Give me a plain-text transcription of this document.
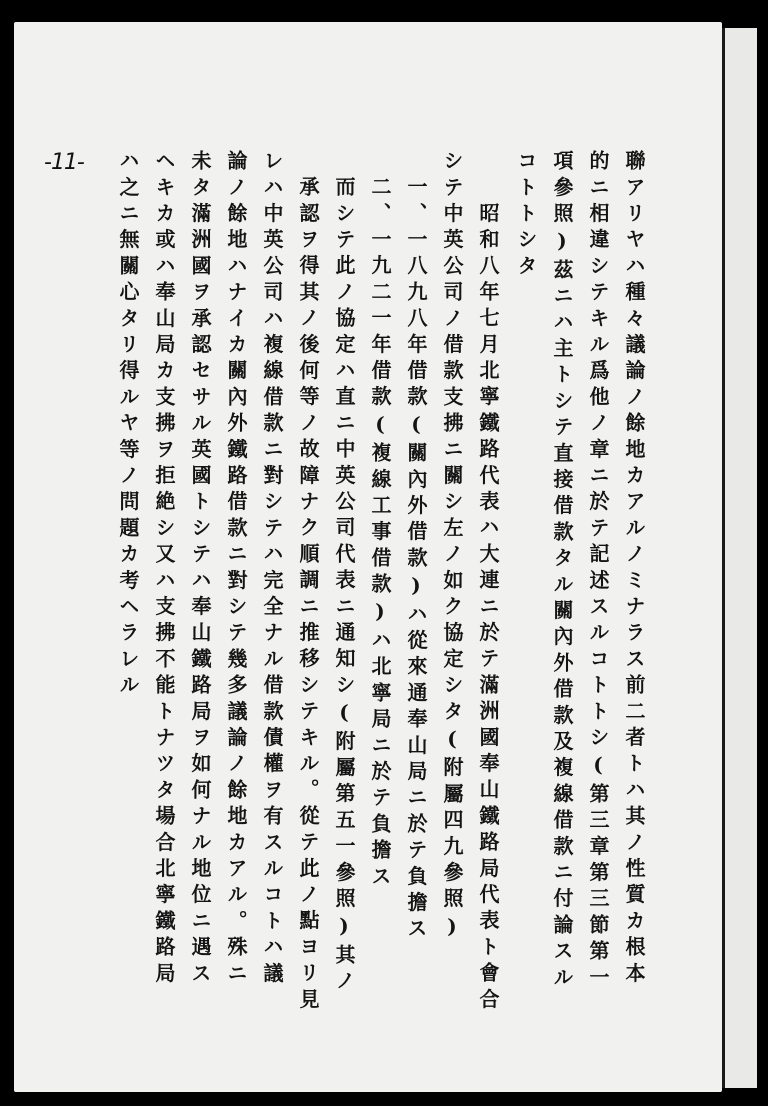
-11-	聯アリヤハ種々議論ノ餘地カアルノミナラス前二者トハ其ノ性質カ根本
的ニ相違シテキル爲他ノ章ニ於テ記述スルコトトシ(第三章第三節第一
項參照)茲ニハ主トシテ直接借款タル關內外借款及複線借款ニ付論スル
コトトシタ
　昭和八年七月北寧鐵路代表ハ大連ニ於テ滿洲國奉山鐵路局代表ト會合
シテ中英公司ノ借款支拂ニ關シ左ノ如ク協定シタ(附屬四九參照)
一、一八九八年借款(關內外借款)ハ從來通奉山局ニ於テ負擔ス
二、一九二一年借款(複線工事借款)ハ北寧局ニ於テ負擔ス
而シテ此ノ協定ハ直ニ中英公司代表ニ通知シ(附屬第五一參照)其ノ
承認ヲ得其ノ後何等ノ故障ナク順調ニ推移シテキル。從テ此ノ點ヨリ見
レハ中英公司ハ複線借款ニ對シテハ完全ナル借款債權ヲ有スルコトハ議
論ノ餘地ハナイカ關內外鐵路借款ニ對シテ幾多議論ノ餘地カアル。殊ニ
未タ滿洲國ヲ承認セサル英國トシテハ奉山鐵路局ヲ如何ナル地位ニ遇ス
ヘキカ或ハ奉山局カ支拂ヲ拒絶シ又ハ支拂不能トナツタ場合北寧鐵路局
ハ之ニ無關心タリ得ルヤ等ノ問題カ考ヘラレル
